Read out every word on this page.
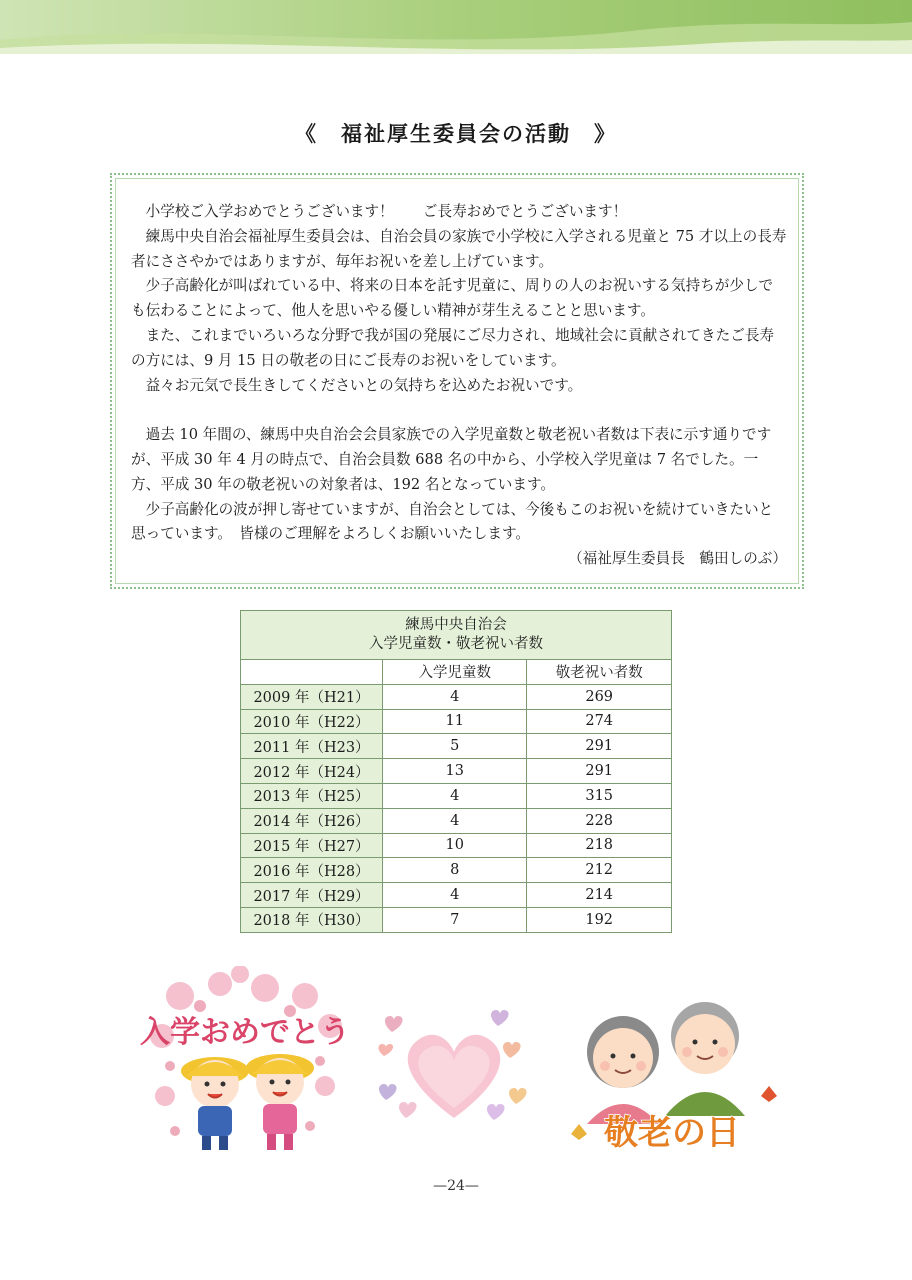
《　福祉厚生委員会の活動　》

小学校ご入学おめでとうございます！　　ご長寿おめでとうございます！

練馬中央自治会福祉厚生委員会は、自治会員の家族で小学校に入学される児童と 75 才以上の長寿者にささやかではありますが、毎年お祝いを差し上げています。

少子高齢化が叫ばれている中、将来の日本を託す児童に、周りの人のお祝いする気持ちが少しでも伝わることによって、他人を思いやる優しい精神が芽生えることと思います。

また、これまでいろいろな分野で我が国の発展にご尽力され、地域社会に貢献されてきたご長寿の方には、9 月 15 日の敬老の日にご長寿のお祝いをしています。

益々お元気で長生きしてくださいとの気持ちを込めたお祝いです。

過去 10 年間の、練馬中央自治会会員家族での入学児童数と敬老祝い者数は下表に示す通りですが、平成 30 年 4 月の時点で、自治会員数 688 名の中から、小学校入学児童は 7 名でした。一方、平成 30 年の敬老祝いの対象者は、192 名となっています。

少子高齢化の波が押し寄せていますが、自治会としては、今後もこのお祝いを続けていきたいと思っています。　皆様のご理解をよろしくお願いいたします。

（福祉厚生委員長　鶴田しのぶ）

練馬中央自治会
入学児童数・敬老祝い者数		
	入学児童数	敬老祝い者数
2009 年（H21）	4	269
2010 年（H22）	11	274
2011 年（H23）	5	291
2012 年（H24）	13	291
2013 年（H25）	4	315
2014 年（H26）	4	228
2015 年（H27）	10	218
2016 年（H28）	8	212
2017 年（H29）	4	214
2018 年（H30）	7	192
入学おめでとう
敬老の日
—24—
